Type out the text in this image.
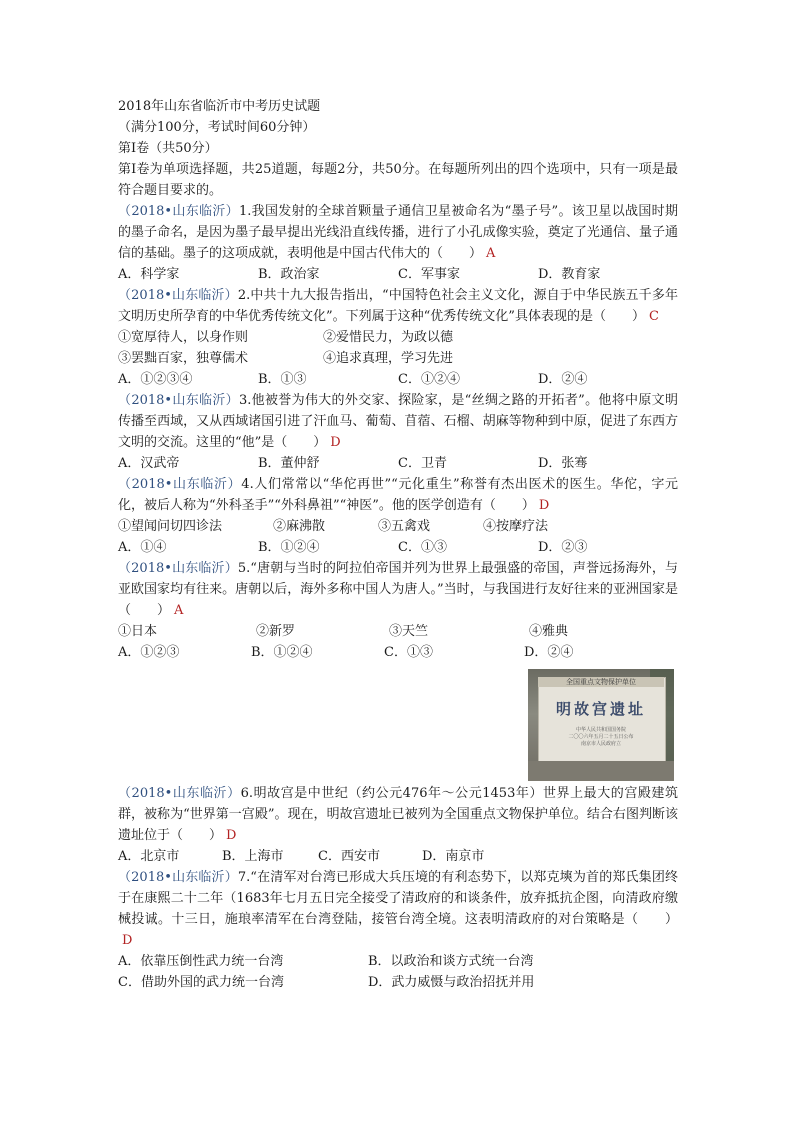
2018年山东省临沂市中考历史试题

（满分100分，考试时间60分钟）

第Ⅰ卷（共50分）

第Ⅰ卷为单项选择题，共25道题，每题2分，共50分。在每题所列出的四个选项中，只有一项是最符合题目要求的。

（2018•山东临沂）1.我国发射的全球首颗量子通信卫星被命名为“墨子号”。该卫星以战国时期的墨子命名，是因为墨子最早提出光线沿直线传播，进行了小孔成像实验，奠定了光通信、量子通信的基础。墨子的这项成就，表明他是中国古代伟大的（　　） A

A．科学家	B．政治家	C．军事家	D．教育家

（2018•山东临沂）2.中共十九大报告指出，“中国特色社会主义文化，源自于中华民族五千多年文明历史所孕育的中华优秀传统文化”。下列属于这种“优秀传统文化”具体表现的是（　　） C

①宽厚待人，以身作则	②爱惜民力，为政以德
③罢黜百家，独尊儒术	④追求真理，学习先进
A．①②③④	B．①③	C．①②④	D．②④

（2018•山东临沂）3.他被誉为伟大的外交家、探险家，是“丝绸之路的开拓者”。他将中原文明传播至西域，又从西域诸国引进了汗血马、葡萄、苜蓿、石榴、胡麻等物种到中原，促进了东西方文明的交流。这里的“他”是（　　） D

A．汉武帝	B．董仲舒	C．卫青	D．张骞

（2018•山东临沂）4.人们常常以“华佗再世”“元化重生”称誉有杰出医术的医生。华佗，字元化，被后人称为“外科圣手”“外科鼻祖”“神医”。他的医学创造有（　　） D

①望闻问切四诊法	②麻沸散	③五禽戏	④按摩疗法
A．①④	B．①②④	C．①③	D．②③

（2018•山东临沂）5.“唐朝与当时的阿拉伯帝国并列为世界上最强盛的帝国，声誉远扬海外，与亚欧国家均有往来。唐朝以后，海外多称中国人为唐人。”当时，与我国进行友好往来的亚洲国家是（　　） A

①日本	②新罗	③天竺	④雅典
A．①②③	B．①②④	C．①③	D．②④
全国重点文物保护单位
明故宫遗址
中华人民共和国国务院
二〇〇六年五月二十五日公布
南京市人民政府立

（2018•山东临沂）6.明故宫是中世纪（约公元476年～公元1453年）世界上最大的宫殿建筑群，被称为“世界第一宫殿”。现在，明故宫遗址已被列为全国重点文物保护单位。结合右图判断该遗址位于（　　） D

A．北京市	B．上海市	C．西安市	D．南京市

（2018•山东临沂）7.“在清军对台湾已形成大兵压境的有利态势下，以郑克塽为首的郑氏集团终于在康熙二十二年（1683年七月五日完全接受了清政府的和谈条件，放弃抵抗企图，向清政府缴械投诚。十三日，施琅率清军在台湾登陆，接管台湾全境。这表明清政府的对台策略是（　　）D

A．依靠压倒性武力统一台湾	B．以政治和谈方式统一台湾
C．借助外国的武力统一台湾	D．武力威慑与政治招抚并用
